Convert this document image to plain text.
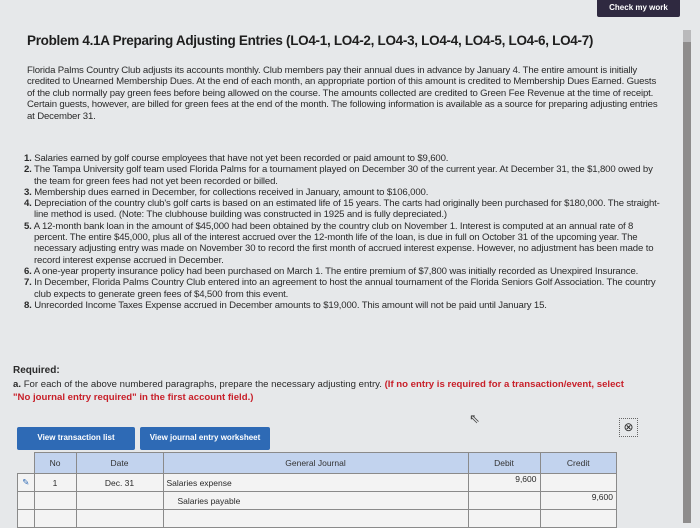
Check my work
Problem 4.1A Preparing Adjusting Entries (LO4-1, LO4-2, LO4-3, LO4-4, LO4-5, LO4-6, LO4-7)
Florida Palms Country Club adjusts its accounts monthly. Club members pay their annual dues in advance by January 4. The entire amount is initially credited to Unearned Membership Dues. At the end of each month, an appropriate portion of this amount is credited to Membership Dues Earned. Guests of the club normally pay green fees before being allowed on the course. The amounts collected are credited to Green Fee Revenue at the time of receipt. Certain guests, however, are billed for green fees at the end of the month. The following information is available as a source for preparing adjusting entries at December 31.
1. Salaries earned by golf course employees that have not yet been recorded or paid amount to $9,600.
2. The Tampa University golf team used Florida Palms for a tournament played on December 30 of the current year. At December 31, the $1,800 owed by the team for green fees had not yet been recorded or billed.
3. Membership dues earned in December, for collections received in January, amount to $106,000.
4. Depreciation of the country club's golf carts is based on an estimated life of 15 years. The carts had originally been purchased for $180,000. The straight-line method is used. (Note: The clubhouse building was constructed in 1925 and is fully depreciated.)
5. A 12-month bank loan in the amount of $45,000 had been obtained by the country club on November 1. Interest is computed at an annual rate of 8 percent. The entire $45,000, plus all of the interest accrued over the 12-month life of the loan, is due in full on October 31 of the upcoming year. The necessary adjusting entry was made on November 30 to record the first month of accrued interest expense. However, no adjustment has been made to record interest expense accrued in December.
6. A one-year property insurance policy had been purchased on March 1. The entire premium of $7,800 was initially recorded as Unexpired Insurance.
7. In December, Florida Palms Country Club entered into an agreement to host the annual tournament of the Florida Seniors Golf Association. The country club expects to generate green fees of $4,500 from this event.
8. Unrecorded Income Taxes Expense accrued in December amounts to $19,000. This amount will not be paid until January 15.
Required:
a. For each of the above numbered paragraphs, prepare the necessary adjusting entry. (If no entry is required for a transaction/event, select "No journal entry required" in the first account field.)
⇖
View transaction list	View journal entry worksheet
⊗
	No	Date	General Journal	Debit	Credit
✎	1	Dec. 31	Salaries expense	9,600	
			Salaries payable		9,600
